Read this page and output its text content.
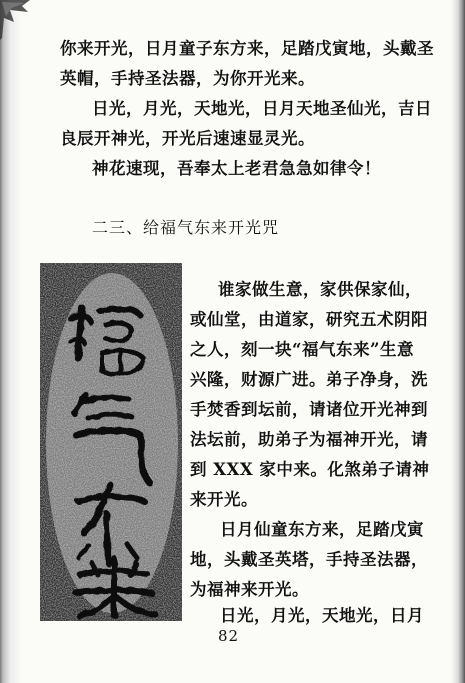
你来开光，日月童子东方来，足踏戊寅地，头戴圣
英帽，手持圣法器，为你开光来。
日光，月光，天地光，日月天地圣仙光，吉日
良辰开神光，开光后速速显灵光。
神花速现，吾奉太上老君急急如律令！
二三、给福气东来开光咒
谁家做生意，家供保家仙，
或仙堂，由道家，研究五术阴阳
之人，刻一块“福气东来”生意
兴隆，财源广进。弟子净身，洗
手焚香到坛前，请诸位开光神到
法坛前，助弟子为福神开光，请
到 XXX 家中来。化煞弟子请神
来开光。
日月仙童东方来，足踏戊寅
地，头戴圣英塔，手持圣法器，
为福神来开光。
日光，月光，天地光，日月
82
